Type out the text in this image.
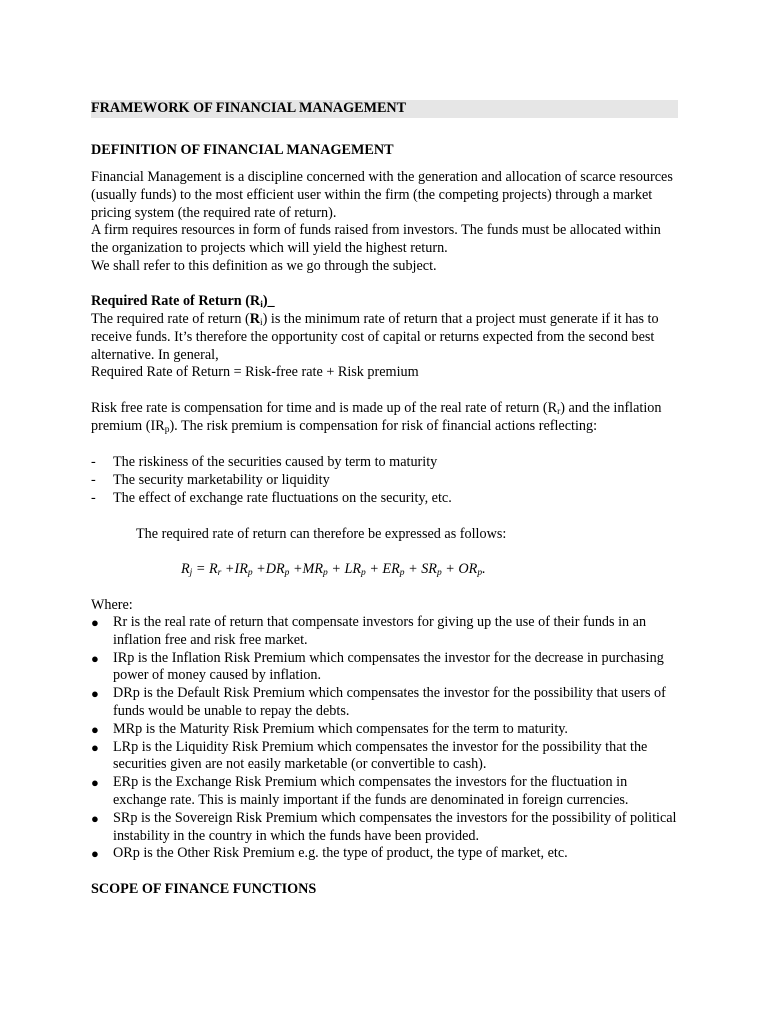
FRAMEWORK OF FINANCIAL MANAGEMENT
DEFINITION OF FINANCIAL MANAGEMENT

Financial Management is a discipline concerned with the generation and allocation of scarce resources (usually funds) to the most efficient user within the firm (the competing projects) through a market pricing system (the required rate of return).

A firm requires resources in form of funds raised from investors. The funds must be allocated within the organization to projects which will yield the highest return.

We shall refer to this definition as we go through the subject.

Required Rate of Return $(R_i)\_$

The required rate of return $(R_i)$ is the minimum rate of return that a project must generate if it has to receive funds. It’s therefore the opportunity cost of capital or returns expected from the second best alternative. In general,

Required Rate of Return = Risk-free rate + Risk premium

Risk free rate is compensation for time and is made up of the real rate of return $(R_r)$ and the inflation premium $(IR_p)$. The risk premium is compensation for risk of financial actions reflecting:

- The riskiness of the securities caused by term to maturity
- The security marketability or liquidity
- The effect of exchange rate fluctuations on the security, etc.
The required rate of return can therefore be expressed as follows:
$R_j = R_r +IR_p +DR_p +MR_p + LR_p + ER_p + SR_p + OR_p$.
Where:
● Rr is the real rate of return that compensate investors for giving up the use of their funds in an inflation free and risk free market.
● IRp is the Inflation Risk Premium which compensates the investor for the decrease in purchasing power of money caused by inflation.
● DRp is the Default Risk Premium which compensates the investor for the possibility that users of funds would be unable to repay the debts.
● MRp is the Maturity Risk Premium which compensates for the term to maturity.
● LRp is the Liquidity Risk Premium which compensates the investor for the possibility that the securities given are not easily marketable (or convertible to cash).
● ERp is the Exchange Risk Premium which compensates the investors for the fluctuation in exchange rate. This is mainly important if the funds are denominated in foreign currencies.
● SRp is the Sovereign Risk Premium which compensates the investors for the possibility of political instability in the country in which the funds have been provided.
● ORp is the Other Risk Premium e.g. the type of product, the type of market, etc.
SCOPE OF FINANCE FUNCTIONS
